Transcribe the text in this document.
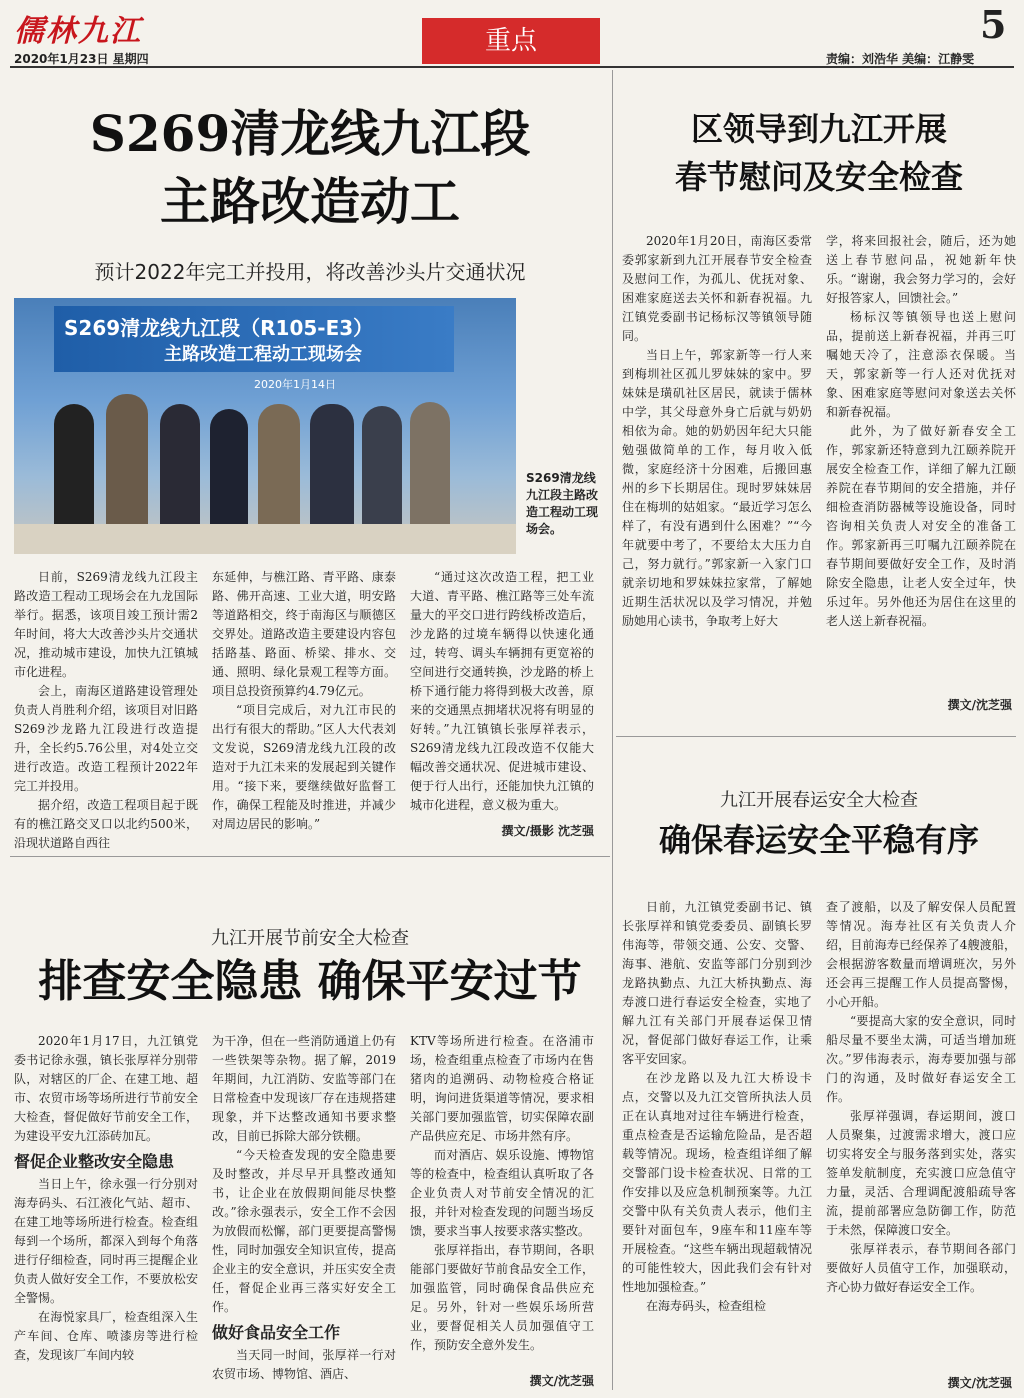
儒林九江
2020年1月23日 星期四
重点	5
责编：刘浩华 美编：江静雯
S269清龙线九江段
主路改造动工
预计2022年完工并投用，将改善沙头片交通状况
S269清龙线九江段（R105-E3）
主路改造工程动工现场会
2020年1月14日
S269清龙线九江段主路改造工程动工现场会。

日前，S269清龙线九江段主路改造工程动工现场会在九龙国际举行。据悉，该项目竣工预计需2年时间，将大大改善沙头片交通状况，推动城市建设，加快九江镇城市化进程。

会上，南海区道路建设管理处负责人肖胜利介绍，该项目对旧路S269沙龙路九江段进行改造提升，全长约5.76公里，对4处立交进行改造。改造工程预计2022年完工并投用。

据介绍，改造工程项目起于既有的樵江路交叉口以北约500米，沿现状道路自西往

东延伸，与樵江路、青平路、康泰路、佛开高速、工业大道，明安路等道路相交，终于南海区与顺德区交界处。道路改造主要建设内容包括路基、路面、桥梁、排水、交通、照明、绿化景观工程等方面。项目总投资预算约4.79亿元。

“项目完成后，对九江市民的出行有很大的帮助。”区人大代表刘文发说，S269清龙线九江段的改造对于九江未来的发展起到关键作用。“接下来，要继续做好监督工作，确保工程能及时推进，并减少对周边居民的影响。”

“通过这次改造工程，把工业大道、青平路、樵江路等三处车流量大的平交口进行跨线桥改造后，沙龙路的过境车辆得以快速化通过，转弯、调头车辆拥有更宽裕的空间进行交通转换，沙龙路的桥上桥下通行能力将得到极大改善，原来的交通黑点拥堵状况将有明显的好转。”九江镇镇长张厚祥表示，S269清龙线九江段改造不仅能大幅改善交通状况、促进城市建设、便于行人出行，还能加快九江镇的城市化进程，意义极为重大。

撰文/摄影 沈芝强
区领导到九江开展
春节慰问及安全检查

2020年1月20日，南海区委常委郭家新到九江开展春节安全检查及慰问工作，为孤儿、优抚对象、困难家庭送去关怀和新春祝福。九江镇党委副书记杨标汉等镇领导随同。

当日上午，郭家新等一行人来到梅圳社区孤儿罗妹妹的家中。罗妹妹是璜矶社区居民，就读于儒林中学，其父母意外身亡后就与奶奶相依为命。她的奶奶因年纪大只能勉强做简单的工作，每月收入低微，家庭经济十分困难，后搬回惠州的乡下长期居住。现时罗妹妹居住在梅圳的姑姐家。“最近学习怎么样了，有没有遇到什么困难？”“今年就要中考了，不要给太大压力自己，努力就行。”郭家新一入家门口就亲切地和罗妹妹拉家常，了解她近期生活状况以及学习情况，并勉励她用心读书，争取考上好大

学，将来回报社会，随后，还为她送上春节慰问品，祝她新年快乐。“谢谢，我会努力学习的，会好好报答家人，回馈社会。”

杨标汉等镇领导也送上慰问品，提前送上新春祝福，并再三叮嘱她天冷了，注意添衣保暖。当天，郭家新等一行人还对优抚对象、困难家庭等慰问对象送去关怀和新春祝福。

此外，为了做好新春安全工作，郭家新还特意到九江颐养院开展安全检查工作，详细了解九江颐养院在春节期间的安全措施，并仔细检查消防器械等设施设备，同时咨询相关负责人对安全的准备工作。郭家新再三叮嘱九江颐养院在春节期间要做好安全工作，及时消除安全隐患，让老人安全过年，快乐过年。另外他还为居住在这里的老人送上新春祝福。

撰文/沈芝强
九江开展春运安全大检查
确保春运安全平稳有序

日前，九江镇党委副书记、镇长张厚祥和镇党委委员、副镇长罗伟海等，带领交通、公安、交警、海事、港航、安监等部门分别到沙龙路执勤点、九江大桥执勤点、海寿渡口进行春运安全检查，实地了解九江有关部门开展春运保卫情况，督促部门做好春运工作，让乘客平安回家。

在沙龙路以及九江大桥设卡点，交警以及九江交管所执法人员正在认真地对过往车辆进行检查，重点检查是否运输危险品，是否超载等情况。现场，检查组详细了解交警部门设卡检查状况、日常的工作安排以及应急机制预案等。九江交警中队有关负责人表示，他们主要针对面包车，9座车和11座车等开展检查。“这些车辆出现超载情况的可能性较大，因此我们会有针对性地加强检查。”

在海寿码头，检查组检

查了渡船，以及了解安保人员配置等情况。海寿社区有关负责人介绍，目前海寿已经保养了4艘渡船，会根据游客数量而增调班次，另外还会再三提醒工作人员提高警惕，小心开船。

“要提高大家的安全意识，同时船尽量不要坐太满，可适当增加班次。”罗伟海表示，海寿要加强与部门的沟通，及时做好春运安全工作。

张厚祥强调，春运期间，渡口人员聚集，过渡需求增大，渡口应切实将安全与服务落到实处，落实签单发航制度，充实渡口应急值守力量，灵活、合理调配渡船疏导客流，提前部署应急防御工作，防范于未然，保障渡口安全。

张厚祥表示，春节期间各部门要做好人员值守工作，加强联动，齐心协力做好春运安全工作。

撰文/沈芝强
九江开展节前安全大检查
排查安全隐患 确保平安过节

2020年1月17日，九江镇党委书记徐永强，镇长张厚祥分别带队，对辖区的厂企、在建工地、超市、农贸市场等场所进行节前安全大检查，督促做好节前安全工作，为建设平安九江添砖加瓦。

督促企业整改安全隐患

当日上午，徐永强一行分别对海寿码头、石江液化气站、超市、在建工地等场所进行检查。检查组每到一个场所，都深入到每个角落进行仔细检查，同时再三提醒企业负责人做好安全工作，不要放松安全警惕。

在海悦家具厂，检查组深入生产车间、仓库、喷漆房等进行检查，发现该厂车间内较

为干净，但在一些消防通道上仍有一些铁架等杂物。据了解，2019年期间，九江消防、安监等部门在日常检查中发现该厂存在违规搭建现象，并下达整改通知书要求整改，目前已拆除大部分铁棚。

“今天检查发现的安全隐患要及时整改，并尽早开具整改通知书，让企业在放假期间能尽快整改。”徐永强表示，安全工作不会因为放假而松懈，部门更要提高警惕性，同时加强安全知识宣传，提高企业主的安全意识，并压实安全责任，督促企业再三落实好安全工作。

做好食品安全工作

当天同一时间，张厚祥一行对农贸市场、博物馆、酒店、

KTV等场所进行检查。在洛浦市场，检查组重点检查了市场内在售猪肉的追溯码、动物检疫合格证明，询问进货渠道等情况，要求相关部门要加强监管，切实保障农副产品供应充足、市场井然有序。

而对酒店、娱乐设施、博物馆等的检查中，检查组认真听取了各企业负责人对节前安全情况的汇报，并针对检查发现的问题当场反馈，要求当事人按要求落实整改。

张厚祥指出，春节期间，各职能部门要做好节前食品安全工作，加强监管，同时确保食品供应充足。另外，针对一些娱乐场所营业，要督促相关人员加强值守工作，预防安全意外发生。

撰文/沈芝强
